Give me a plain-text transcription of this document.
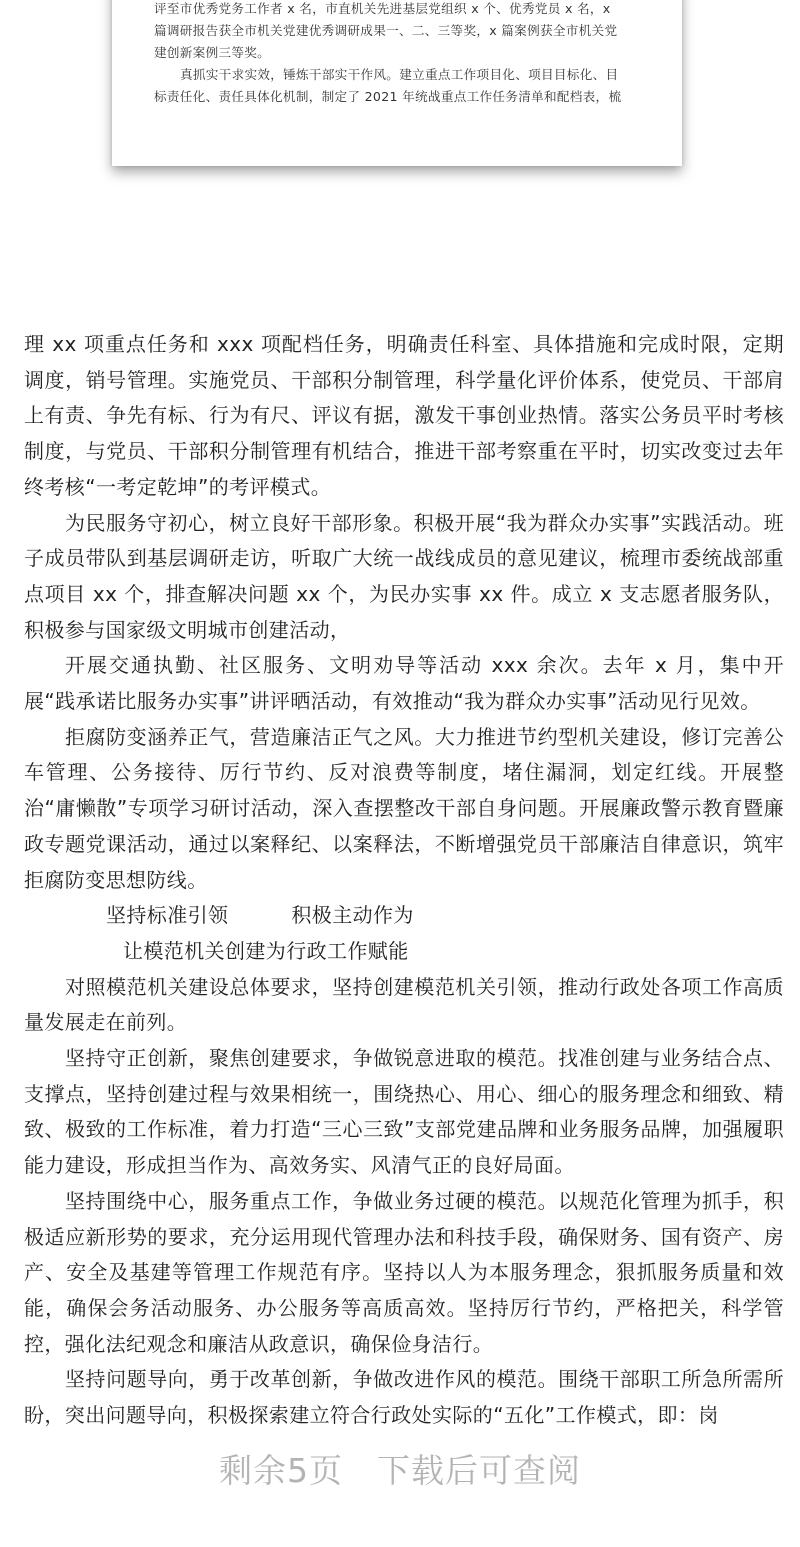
评至市优秀党务工作者 x 名，市直机关先进基层党组织 x 个、优秀党员 x 名，x

篇调研报告获全市机关党建优秀调研成果一、二、三等奖，x 篇案例获全市机关党

建创新案例三等奖。

真抓实干求实效，锤炼干部实干作风。建立重点工作项目化、项目目标化、目

标责任化、责任具体化机制，制定了 2021 年统战重点工作任务清单和配档表，梳

理 xx 项重点任务和 xxx 项配档任务，明确责任科室、具体措施和完成时限，定期调度，销号管理。实施党员、干部积分制管理，科学量化评价体系，使党员、干部肩上有责、争先有标、行为有尺、评议有据，激发干事创业热情。落实公务员平时考核制度，与党员、干部积分制管理有机结合，推进干部考察重在平时，切实改变过去年终考核“一考定乾坤”的考评模式。

为民服务守初心，树立良好干部形象。积极开展“我为群众办实事”实践活动。班子成员带队到基层调研走访，听取广大统一战线成员的意见建议，梳理市委统战部重点项目 xx 个，排查解决问题 xx 个，为民办实事 xx 件。成立 x 支志愿者服务队，积极参与国家级文明城市创建活动，

开展交通执勤、社区服务、文明劝导等活动 xxx 余次。去年 x 月，集中开展“践承诺比服务办实事”讲评晒活动，有效推动“我为群众办实事”活动见行见效。

拒腐防变涵养正气，营造廉洁正气之风。大力推进节约型机关建设，修订完善公车管理、公务接待、厉行节约、反对浪费等制度，堵住漏洞，划定红线。开展整治“庸懒散”专项学习研讨活动，深入查摆整改干部自身问题。开展廉政警示教育暨廉政专题党课活动，通过以案释纪、以案释法，不断增强党员干部廉洁自律意识，筑牢拒腐防变思想防线。

坚持标准引领	积极主动作为让模范机关创建为行政工作赋能

对照模范机关建设总体要求，坚持创建模范机关引领，推动行政处各项工作高质量发展走在前列。

坚持守正创新，聚焦创建要求，争做锐意进取的模范。找准创建与业务结合点、支撑点，坚持创建过程与效果相统一，围绕热心、用心、细心的服务理念和细致、精致、极致的工作标准，着力打造“三心三致”支部党建品牌和业务服务品牌，加强履职能力建设，形成担当作为、高效务实、风清气正的良好局面。

坚持围绕中心，服务重点工作，争做业务过硬的模范。以规范化管理为抓手，积极适应新形势的要求，充分运用现代管理办法和科技手段，确保财务、国有资产、房产、安全及基建等管理工作规范有序。坚持以人为本服务理念，狠抓服务质量和效能，确保会务活动服务、办公服务等高质高效。坚持厉行节约，严格把关，科学管控，强化法纪观念和廉洁从政意识，确保俭身洁行。

坚持问题导向，勇于改革创新，争做改进作风的模范。围绕干部职工所急所需所盼，突出问题导向，积极探索建立符合行政处实际的“五化”工作模式，即：岗

剩余5页 下载后可查阅
